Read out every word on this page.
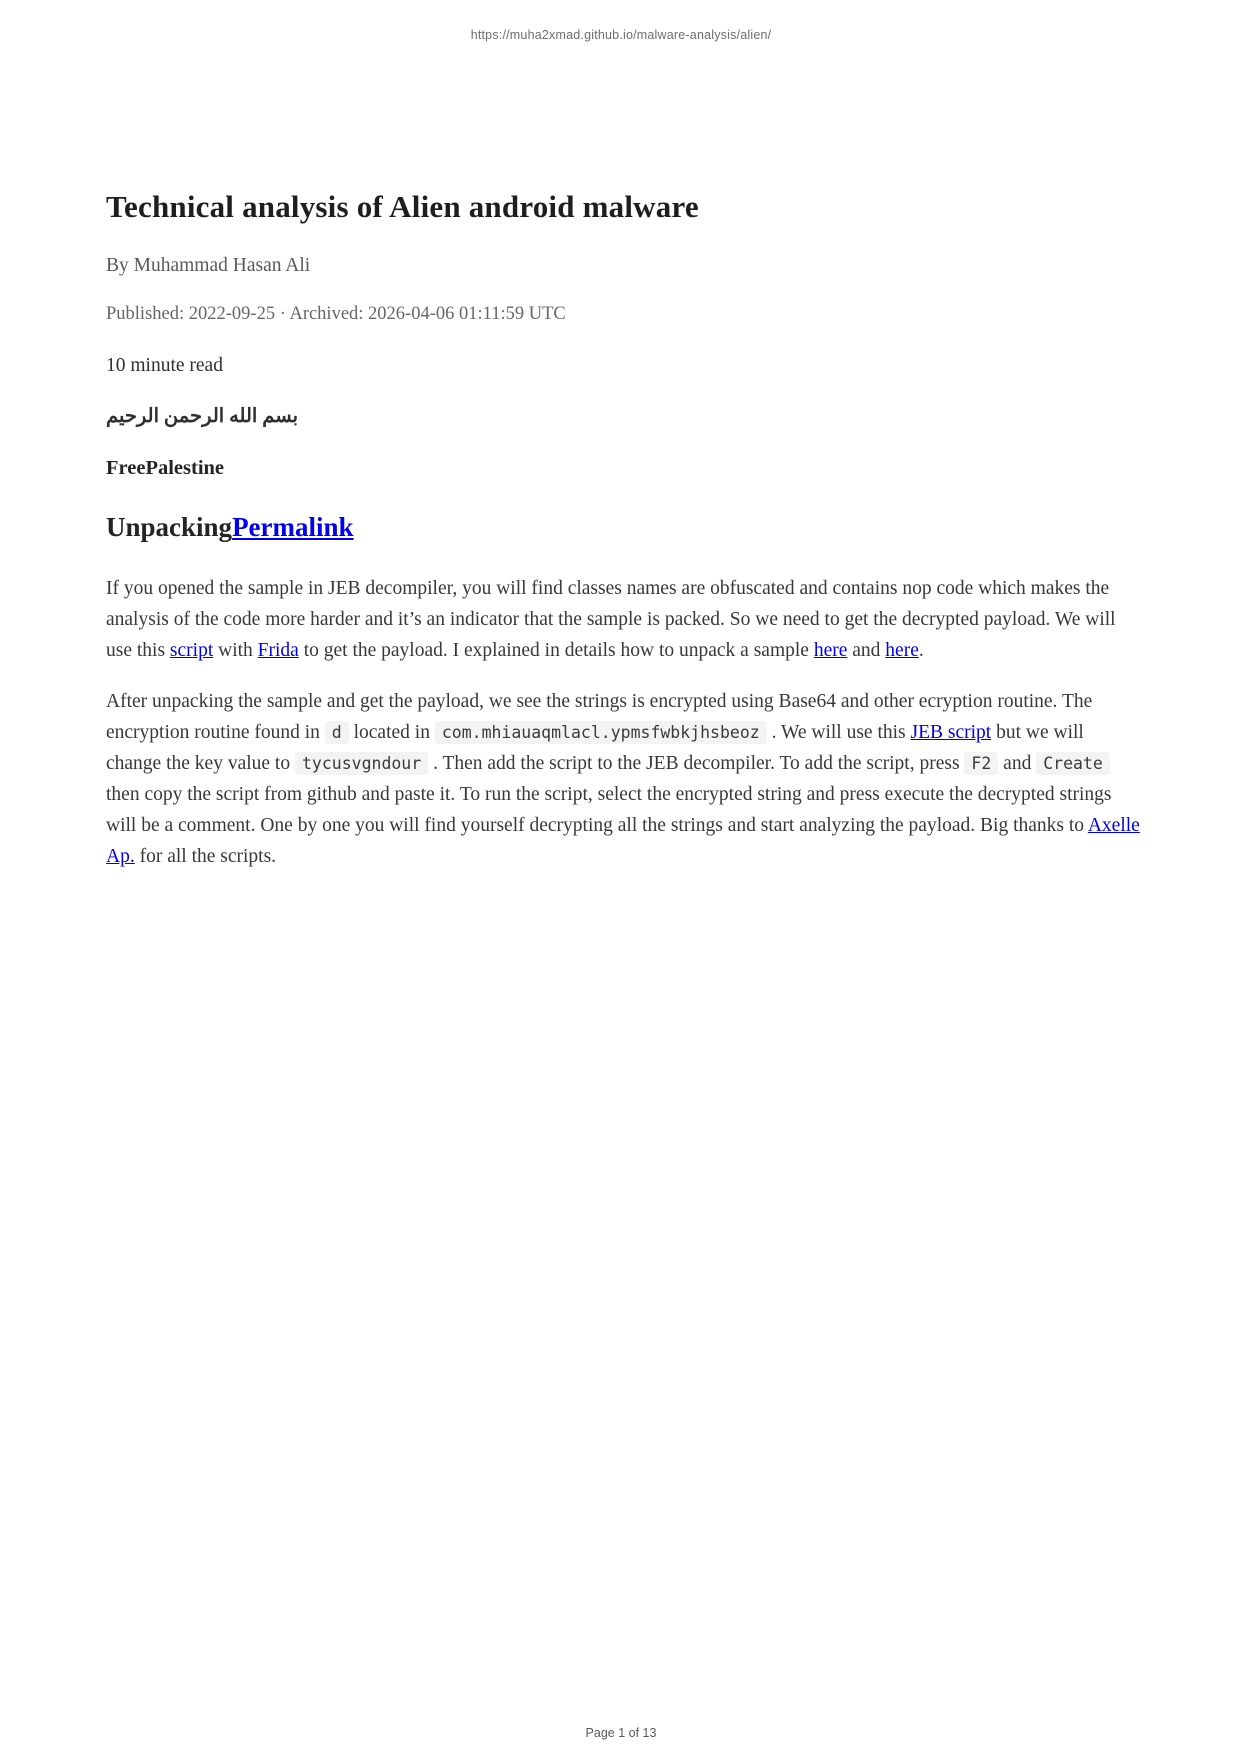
https://muha2xmad.github.io/malware-analysis/alien/
Technical analysis of Alien android malware
By Muhammad Hasan Ali
Published: 2022-09-25 · Archived: 2026-04-06 01:11:59 UTC
10 minute read
بسم الله الرحمن الرحيم
FreePalestine
UnpackingPermalink

If you opened the sample in JEB decompiler, you will find classes names are obfuscated and contains nop code which makes the analysis of the code more harder and it’s an indicator that the sample is packed. So we need to get the decrypted payload. We will use this script with Frida to get the payload. I explained in details how to unpack a sample here and here.

After unpacking the sample and get the payload, we see the strings is encrypted using Base64 and other ecryption routine. The encryption routine found in d located in com.mhiauaqmlacl.ypmsfwbkjhsbeoz . We will use this JEB script but we will change the key value to tycusvgndour . Then add the script to the JEB decompiler. To add the script, press F2 and Create then copy the script from github and paste it. To run the script, select the encrypted string and press execute the decrypted strings will be a comment. One by one you will find yourself decrypting all the strings and start analyzing the payload. Big thanks to Axelle Ap. for all the scripts.

Page 1 of 13
